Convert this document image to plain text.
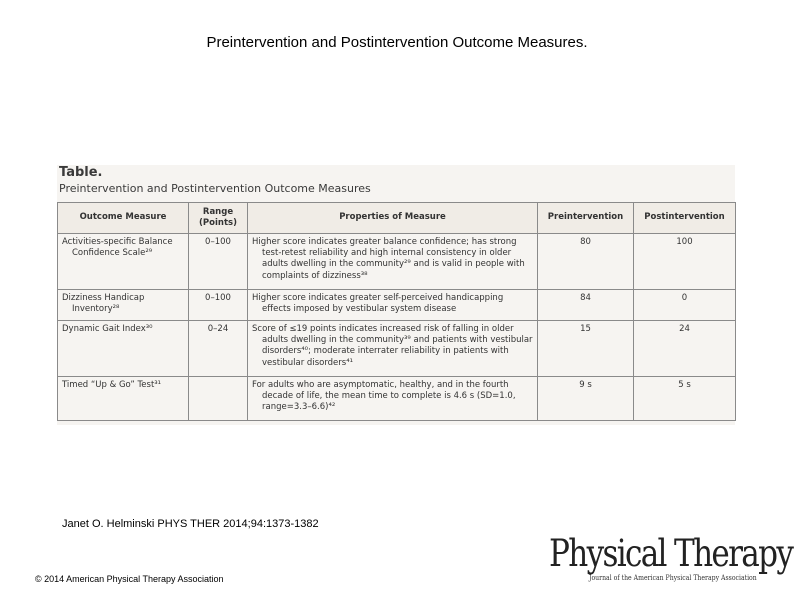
Preintervention and Postintervention Outcome Measures.
Table.
Preintervention and Postintervention Outcome Measures
Outcome Measure	Range (Points)	Properties of Measure	Preintervention	Postintervention

Activities-specific Balance Confidence Scale²⁹	0–100	Higher score indicates greater balance confidence; has strong test-retest reliability and high internal consistency in older adults dwelling in the community²⁹ and is valid in people with complaints of dizziness³⁸	80	100

Dizziness Handicap Inventory²⁸	0–100	Higher score indicates greater self-perceived handicapping effects imposed by vestibular system disease	84	0

Dynamic Gait Index³⁰	0–24	Score of ≤19 points indicates increased risk of falling in older adults dwelling in the community³⁹ and patients with vestibular disorders⁴⁰; moderate interrater reliability in patients with vestibular disorders⁴¹	15	24

Timed “Up & Go” Test³¹		For adults who are asymptomatic, healthy, and in the fourth decade of life, the mean time to complete is 4.6 s (SD=1.0, range=3.3–6.6)⁴²	9 s	5 s
Janet O. Helminski PHYS THER 2014;94:1373-1382
© 2014 American Physical Therapy Association
Physical Therapy
Journal of the American Physical Therapy Association
